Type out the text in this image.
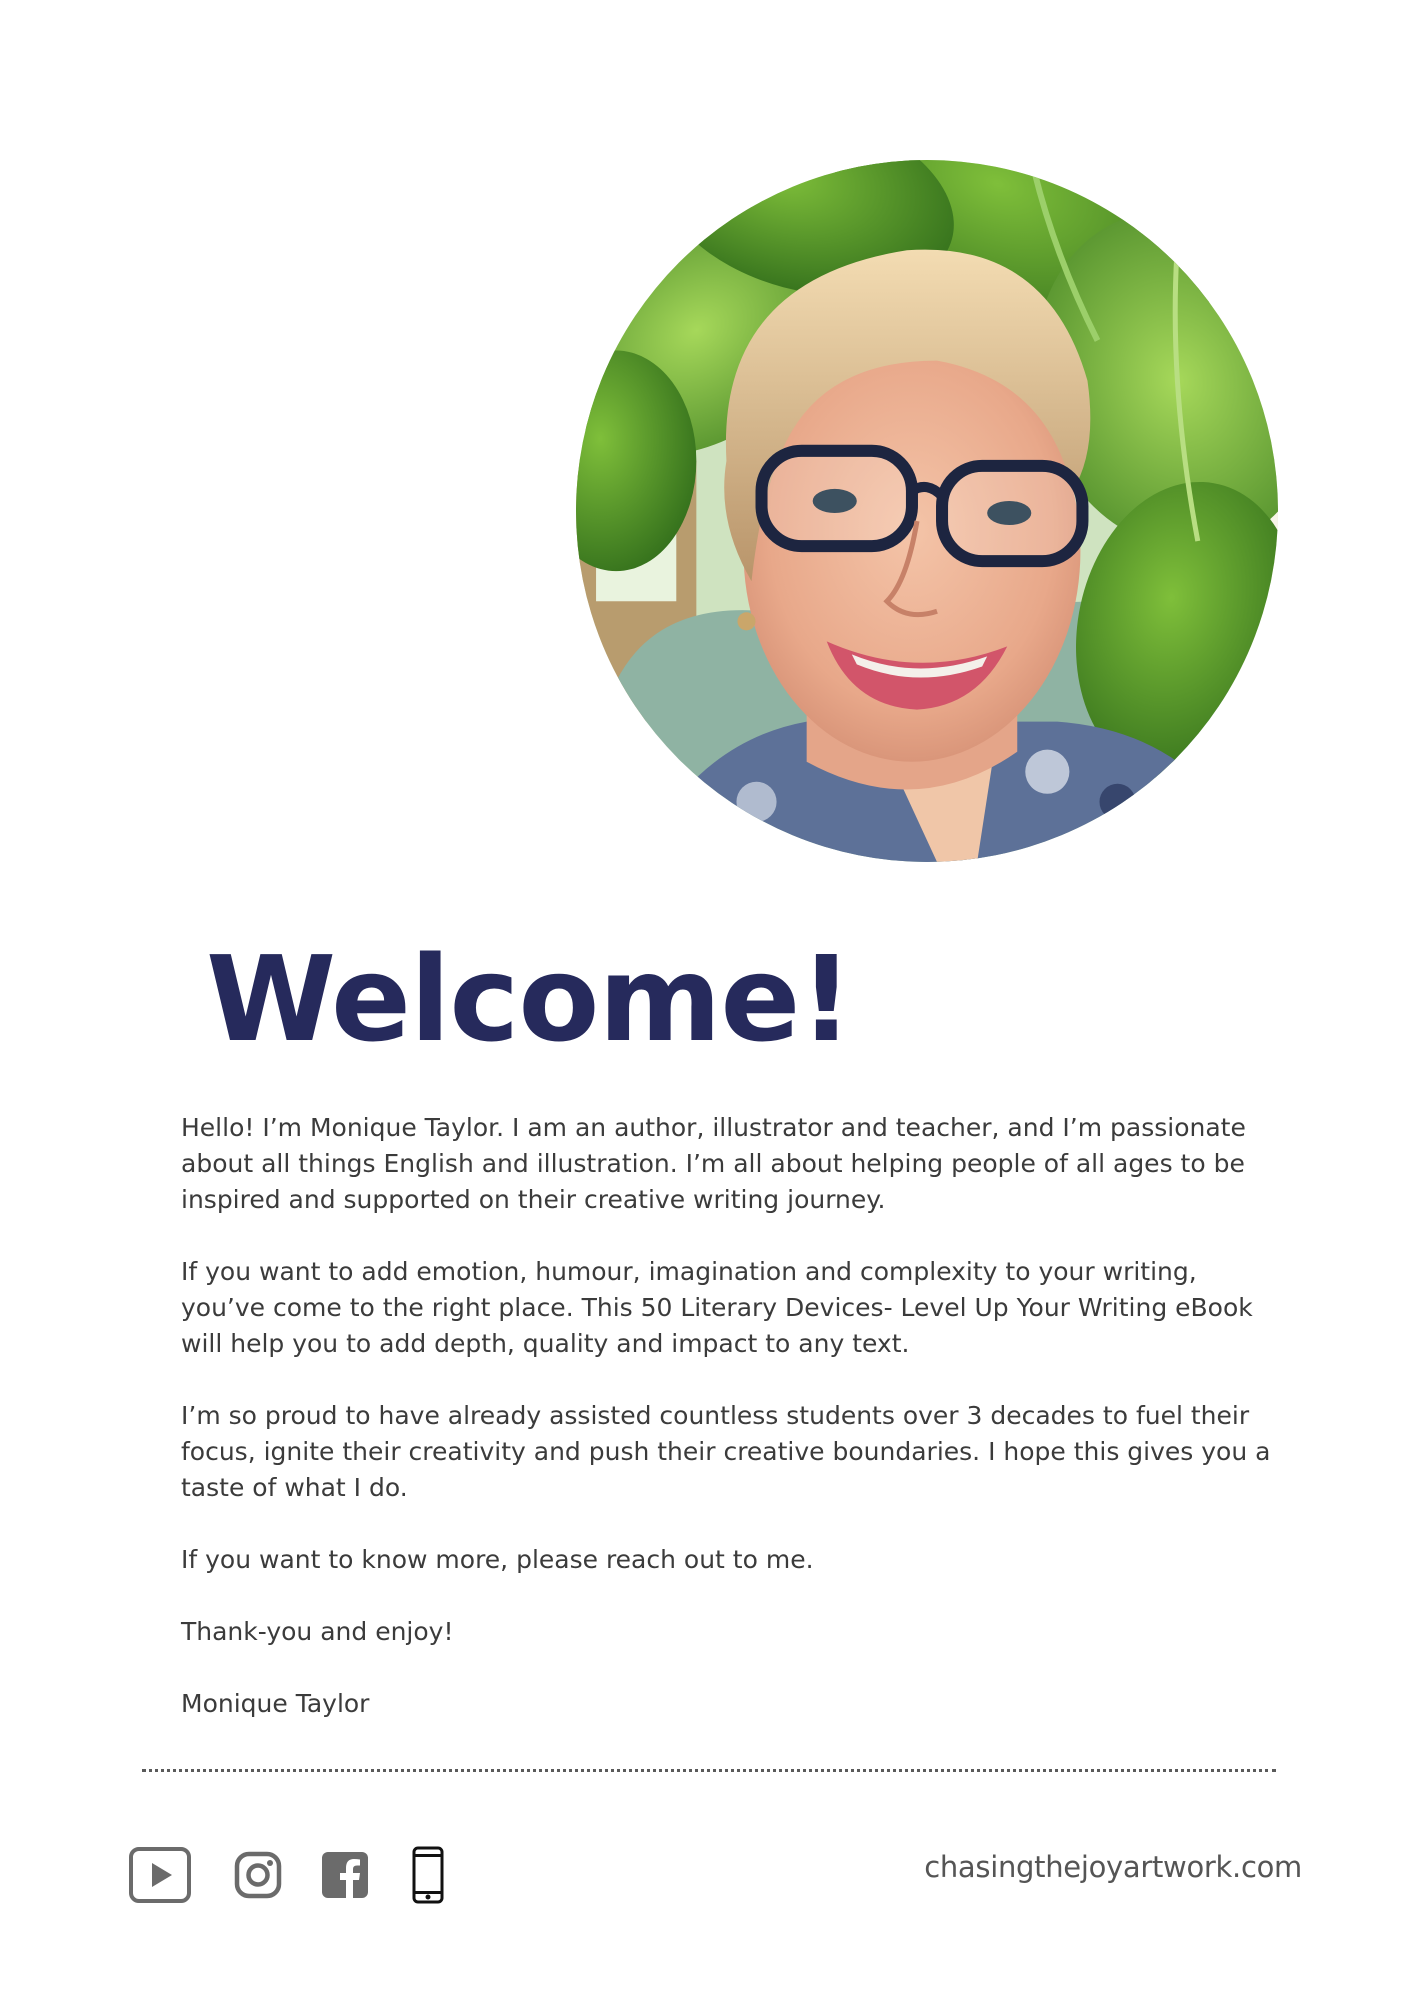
Welcome!

Hello! I’m Monique Taylor. I am an author, illustrator and teacher, and I’m passionate about all things English and illustration. I’m all about helping people of all ages to be inspired and supported on their creative writing journey.

If you want to add emotion, humour, imagination and complexity to your writing, you’ve come to the right place. This 50 Literary Devices- Level Up Your Writing eBook will help you to add depth, quality and impact to any text.

I’m so proud to have already assisted countless students over 3 decades to fuel their focus, ignite their creativity and push their creative boundaries. I hope this gives you a taste of what I do.

If you want to know more, please reach out to me.

Thank-you and enjoy!

Monique Taylor

chasingthejoyartwork.com
